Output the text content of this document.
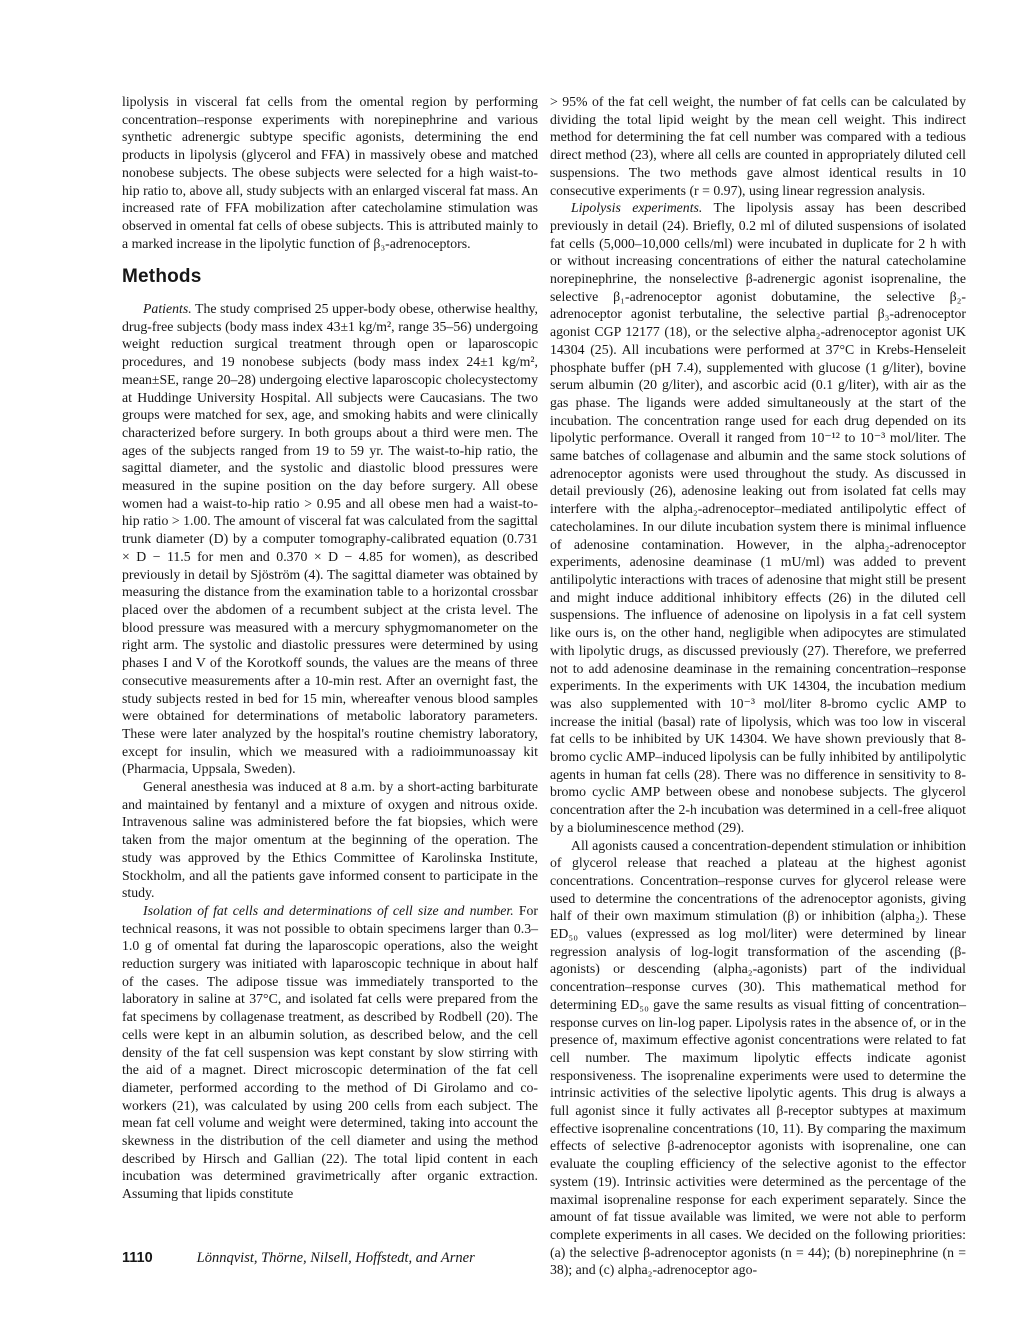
lipolysis in visceral fat cells from the omental region by performing concentration–response experiments with norepinephrine and various synthetic adrenergic subtype specific agonists, determining the end products in lipolysis (glycerol and FFA) in massively obese and matched nonobese subjects. The obese subjects were selected for a high waist-to-hip ratio to, above all, study subjects with an enlarged visceral fat mass. An increased rate of FFA mobilization after catecholamine stimulation was observed in omental fat cells of obese subjects. This is attributed mainly to a marked increase in the lipolytic function of β₃-adrenoceptors.

Methods

Patients. The study comprised 25 upper-body obese, otherwise healthy, drug-free subjects (body mass index 43±1 kg/m², range 35–56) undergoing weight reduction surgical treatment through open or laparoscopic procedures, and 19 nonobese subjects (body mass index 24±1 kg/m², mean±SE, range 20–28) undergoing elective laparoscopic cholecystectomy at Huddinge University Hospital. All subjects were Caucasians. The two groups were matched for sex, age, and smoking habits and were clinically characterized before surgery. In both groups about a third were men. The ages of the subjects ranged from 19 to 59 yr. The waist-to-hip ratio, the sagittal diameter, and the systolic and diastolic blood pressures were measured in the supine position on the day before surgery. All obese women had a waist-to-hip ratio > 0.95 and all obese men had a waist-to-hip ratio > 1.00. The amount of visceral fat was calculated from the sagittal trunk diameter (D) by a computer tomography-calibrated equation (0.731 × D − 11.5 for men and 0.370 × D − 4.85 for women), as described previously in detail by Sjöström (4). The sagittal diameter was obtained by measuring the distance from the examination table to a horizontal crossbar placed over the abdomen of a recumbent subject at the crista level. The blood pressure was measured with a mercury sphygmomanometer on the right arm. The systolic and diastolic pressures were determined by using phases I and V of the Korotkoff sounds, the values are the means of three consecutive measurements after a 10-min rest. After an overnight fast, the study subjects rested in bed for 15 min, whereafter venous blood samples were obtained for determinations of metabolic laboratory parameters. These were later analyzed by the hospital's routine chemistry laboratory, except for insulin, which we measured with a radioimmunoassay kit (Pharmacia, Uppsala, Sweden).

General anesthesia was induced at 8 a.m. by a short-acting barbiturate and maintained by fentanyl and a mixture of oxygen and nitrous oxide. Intravenous saline was administered before the fat biopsies, which were taken from the major omentum at the beginning of the operation. The study was approved by the Ethics Committee of Karolinska Institute, Stockholm, and all the patients gave informed consent to participate in the study.

Isolation of fat cells and determinations of cell size and number. For technical reasons, it was not possible to obtain specimens larger than 0.3–1.0 g of omental fat during the laparoscopic operations, also the weight reduction surgery was initiated with laparoscopic technique in about half of the cases. The adipose tissue was immediately transported to the laboratory in saline at 37°C, and isolated fat cells were prepared from the fat specimens by collagenase treatment, as described by Rodbell (20). The cells were kept in an albumin solution, as described below, and the cell density of the fat cell suspension was kept constant by slow stirring with the aid of a magnet. Direct microscopic determination of the fat cell diameter, performed according to the method of Di Girolamo and co-workers (21), was calculated by using 200 cells from each subject. The mean fat cell volume and weight were determined, taking into account the skewness in the distribution of the cell diameter and using the method described by Hirsch and Gallian (22). The total lipid content in each incubation was determined gravimetrically after organic extraction. Assuming that lipids constitute

> 95% of the fat cell weight, the number of fat cells can be calculated by dividing the total lipid weight by the mean cell weight. This indirect method for determining the fat cell number was compared with a tedious direct method (23), where all cells are counted in appropriately diluted cell suspensions. The two methods gave almost identical results in 10 consecutive experiments (r = 0.97), using linear regression analysis.

Lipolysis experiments. The lipolysis assay has been described previously in detail (24). Briefly, 0.2 ml of diluted suspensions of isolated fat cells (5,000–10,000 cells/ml) were incubated in duplicate for 2 h with or without increasing concentrations of either the natural catecholamine norepinephrine, the nonselective β-adrenergic agonist isoprenaline, the selective β₁-adrenoceptor agonist dobutamine, the selective β₂-adrenoceptor agonist terbutaline, the selective partial β₃-adrenoceptor agonist CGP 12177 (18), or the selective alpha₂-adrenoceptor agonist UK 14304 (25). All incubations were performed at 37°C in Krebs-Henseleit phosphate buffer (pH 7.4), supplemented with glucose (1 g/liter), bovine serum albumin (20 g/liter), and ascorbic acid (0.1 g/liter), with air as the gas phase. The ligands were added simultaneously at the start of the incubation. The concentration range used for each drug depended on its lipolytic performance. Overall it ranged from 10⁻¹² to 10⁻³ mol/liter. The same batches of collagenase and albumin and the same stock solutions of adrenoceptor agonists were used throughout the study. As discussed in detail previously (26), adenosine leaking out from isolated fat cells may interfere with the alpha₂-adrenoceptor–mediated antilipolytic effect of catecholamines. In our dilute incubation system there is minimal influence of adenosine contamination. However, in the alpha₂-adrenoceptor experiments, adenosine deaminase (1 mU/ml) was added to prevent antilipolytic interactions with traces of adenosine that might still be present and might induce additional inhibitory effects (26) in the diluted cell suspensions. The influence of adenosine on lipolysis in a fat cell system like ours is, on the other hand, negligible when adipocytes are stimulated with lipolytic drugs, as discussed previously (27). Therefore, we preferred not to add adenosine deaminase in the remaining concentration–response experiments. In the experiments with UK 14304, the incubation medium was also supplemented with 10⁻³ mol/liter 8-bromo cyclic AMP to increase the initial (basal) rate of lipolysis, which was too low in visceral fat cells to be inhibited by UK 14304. We have shown previously that 8-bromo cyclic AMP–induced lipolysis can be fully inhibited by antilipolytic agents in human fat cells (28). There was no difference in sensitivity to 8-bromo cyclic AMP between obese and nonobese subjects. The glycerol concentration after the 2-h incubation was determined in a cell-free aliquot by a bioluminescence method (29).

All agonists caused a concentration-dependent stimulation or inhibition of glycerol release that reached a plateau at the highest agonist concentrations. Concentration–response curves for glycerol release were used to determine the concentrations of the adrenoceptor agonists, giving half of their own maximum stimulation (β) or inhibition (alpha₂). These ED₅₀ values (expressed as log mol/liter) were determined by linear regression analysis of log-logit transformation of the ascending (β-agonists) or descending (alpha₂-agonists) part of the individual concentration–response curves (30). This mathematical method for determining ED₅₀ gave the same results as visual fitting of concentration–response curves on lin-log paper. Lipolysis rates in the absence of, or in the presence of, maximum effective agonist concentrations were related to fat cell number. The maximum lipolytic effects indicate agonist responsiveness. The isoprenaline experiments were used to determine the intrinsic activities of the selective lipolytic agents. This drug is always a full agonist since it fully activates all β-receptor subtypes at maximum effective isoprenaline concentrations (10, 11). By comparing the maximum effects of selective β-adrenoceptor agonists with isoprenaline, one can evaluate the coupling efficiency of the selective agonist to the effector system (19). Intrinsic activities were determined as the percentage of the maximal isoprenaline response for each experiment separately. Since the amount of fat tissue available was limited, we were not able to perform complete experiments in all cases. We decided on the following priorities: (a) the selective β-adrenoceptor agonists (n = 44); (b) norepinephrine (n = 38); and (c) alpha₂-adrenoceptor ago-

1110	Lönnqvist, Thörne, Nilsell, Hoffstedt, and Arner
